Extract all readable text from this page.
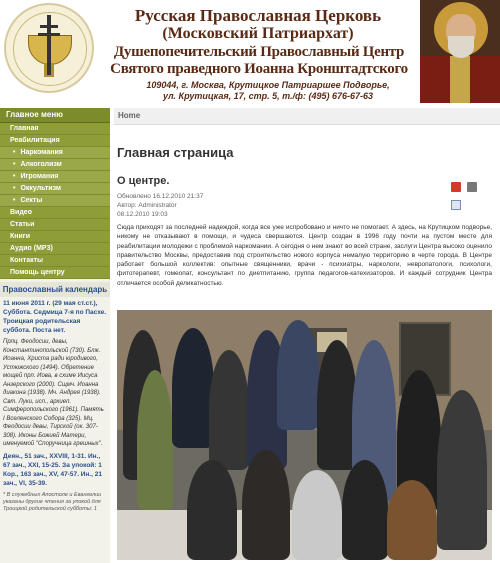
Русская Православная Церковь
(Московский Патриархат)
Душепопечительский Православный Центр
Святого праведного Иоанна Кронштадтского
109044, г. Москва, Крутицкое Патриаршее Подворье,
ул. Крутицкая, 17, стр. 5, т./ф: (495) 676-67-63
Главное меню
Главная
Реабилитация
• Наркомания
• Алкоголизм
• Игромания
• Оккультизм
• Секты
Видео
Статьи
Книги
Аудио (MP3)
Контакты
Помощь центру
Православный календарь
11 июня 2011 г. (29 мая ст.ст.), Суббота. Седмица 7-я по Пасхе. Троицкая родительская суббота. Поста нет.
Прпц. Феодосии, девы, Константинопольской (730). Блж. Иоанна, Христа ради юродивого, Устюжского (1494). Обретение мощей прп. Иова, в схиме Иисуса Анзерского (2000). Сщмч. Иоанна диакона (1938). Мч. Андрея (1938). Свт. Луки, исп., архиеп. Симферопольского (1961). Память I Вселенского Собора (325). Мц. Феодосии девы, Тирской (ок. 307-308). Иконы Божией Матери, именуемой "Споручница грешных".
Деян., 51 зач., XXVIII, 1-31. Ин., 67 зач., XXI, 15-25. За упокой: 1 Кор., 163 зач., XV, 47-57. Ин., 21 зач., VI, 35-39.
* В служебных Апостоле и Евангелии указаны другие чтения за упокой для Троицкой родительской субботы: 1
Home
Главная страница
О центре.

Обновлено 16.12.2010 21:37
Автор: Administrator
08.12.2010 19:03
Сюда приходят за последней надеждой, когда все уже испробовано и ничто не помогает. А здесь, на Крутицком подворье, никому не отказывают в помощи, и чудеса свершаются. Центр создан в 1996 году почти на пустом месте для реабилитации молодежи с проблемой наркомании. А сегодня о нем знают во всей стране, заслуги Центра высоко оценило правительство Москвы, предоставив под строительство нового корпуса немалую территорию в черте города. В Центре работает большой коллектив: опытные священники, врачи - психиатры, наркологи, невропатологи, психологи, фитотерапевт, гомеопат, консультант по диетпитанию, группа педагогов-катехизаторов. И каждый сотрудник Центра отличается особой деликатностью.
